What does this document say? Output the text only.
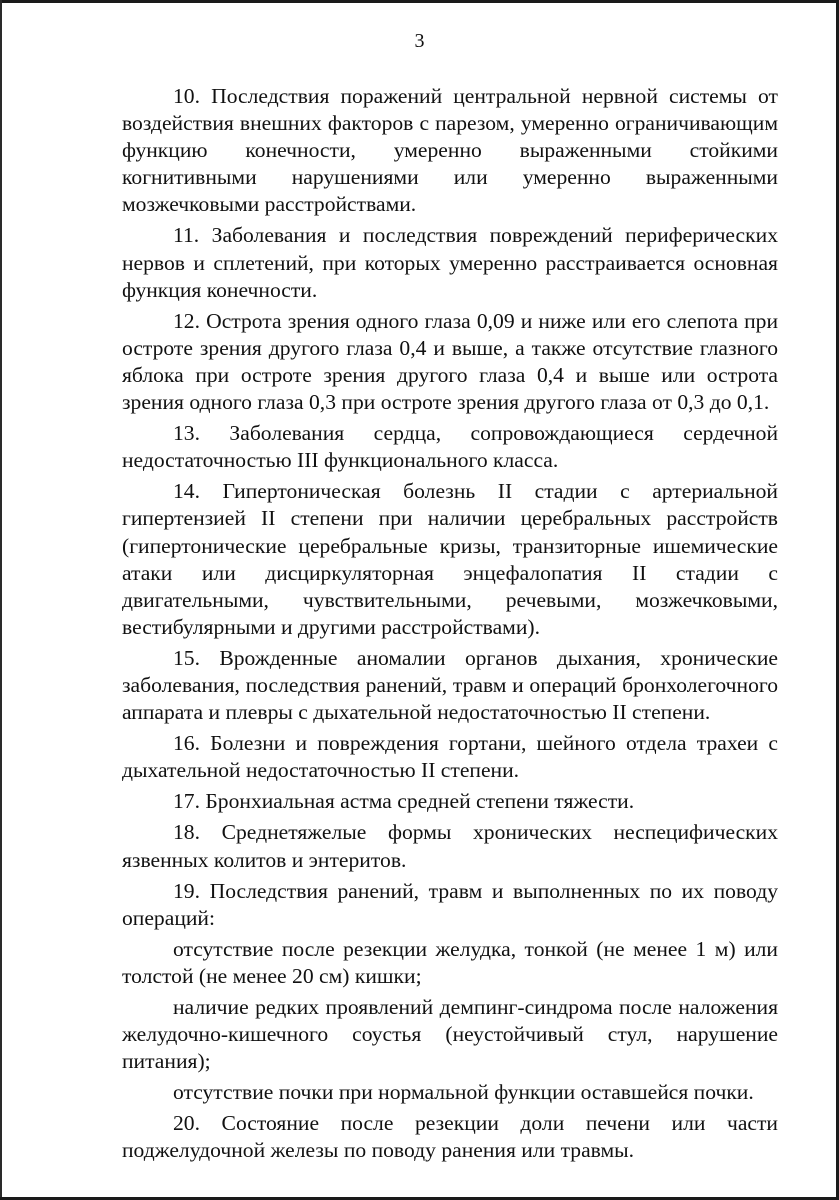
3

10. Последствия поражений центральной нервной системы от воздействия внешних факторов с парезом, умеренно ограничивающим функцию конечности, умеренно выраженными стойкими когнитивными нарушениями или умеренно выраженными мозжечковыми расстройствами.

11. Заболевания и последствия повреждений периферических нервов и сплетений, при которых умеренно расстраивается основная функция конечности.

12. Острота зрения одного глаза 0,09 и ниже или его слепота при остроте зрения другого глаза 0,4 и выше, а также отсутствие глазного яблока при остроте зрения другого глаза 0,4 и выше или острота зрения одного глаза 0,3 при остроте зрения другого глаза от 0,3 до 0,1.

13. Заболевания сердца, сопровождающиеся сердечной недостаточностью III функционального класса.

14. Гипертоническая болезнь II стадии с артериальной гипертензией II степени при наличии церебральных расстройств (гипертонические церебральные кризы, транзиторные ишемические атаки или дисциркуляторная энцефалопатия II стадии с двигательными, чувствительными, речевыми, мозжечковыми, вестибулярными и другими расстройствами).

15. Врожденные аномалии органов дыхания, хронические заболевания, последствия ранений, травм и операций бронхолегочного аппарата и плевры с дыхательной недостаточностью II степени.

16. Болезни и повреждения гортани, шейного отдела трахеи с дыхательной недостаточностью II степени.

17. Бронхиальная астма средней степени тяжести.

18. Среднетяжелые формы хронических неспецифических язвенных колитов и энтеритов.

19. Последствия ранений, травм и выполненных по их поводу операций:

отсутствие после резекции желудка, тонкой (не менее 1 м) или толстой (не менее 20 см) кишки;

наличие редких проявлений демпинг-синдрома после наложения желудочно-кишечного соустья (неустойчивый стул, нарушение питания);

отсутствие почки при нормальной функции оставшейся почки.

20. Состояние после резекции доли печени или части поджелудочной железы по поводу ранения или травмы.
